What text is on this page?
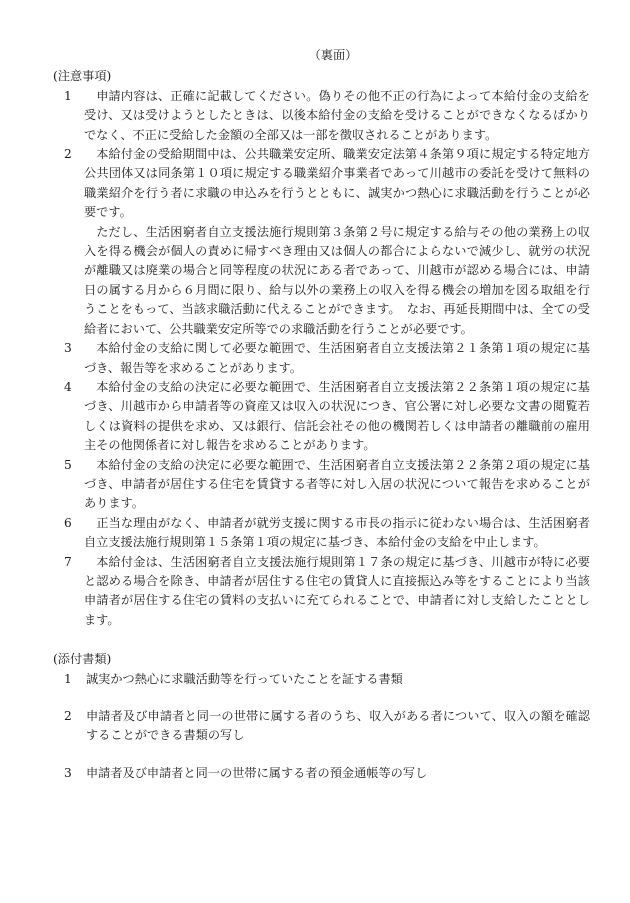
（裏面）
(注意事項)
1	申請内容は、正確に記載してください。偽りその他不正の行為によって本給付金の支給を受け、又は受けようとしたときは、以後本給付金の支給を受けることができなくなるばかりでなく、不正に受給した金額の全部又は一部を徴収されることがあります。
2	本給付金の受給期間中は、公共職業安定所、職業安定法第４条第９項に規定する特定地方公共団体又は同条第１０項に規定する職業紹介事業者であって川越市の委託を受けて無料の職業紹介を行う者に求職の申込みを行うとともに、誠実かつ熱心に求職活動を行うことが必要です。
ただし、生活困窮者自立支援法施行規則第３条第２号に規定する給与その他の業務上の収入を得る機会が個人の責めに帰すべき理由又は個人の都合によらないで減少し、就労の状況が離職又は廃業の場合と同等程度の状況にある者であって、川越市が認める場合には、申請日の属する月から６月間に限り、給与以外の業務上の収入を得る機会の増加を図る取組を行うことをもって、当該求職活動に代えることができます。　なお、再延長期間中は、全ての受給者において、公共職業安定所等での求職活動を行うことが必要です。
3	本給付金の支給に関して必要な範囲で、生活困窮者自立支援法第２１条第１項の規定に基づき、報告等を求めることがあります。
4	本給付金の支給の決定に必要な範囲で、生活困窮者自立支援法第２２条第１項の規定に基づき、川越市から申請者等の資産又は収入の状況につき、官公署に対し必要な文書の閲覧若しくは資料の提供を求め、又は銀行、信託会社その他の機関若しくは申請者の離職前の雇用主その他関係者に対し報告を求めることがあります。
5	本給付金の支給の決定に必要な範囲で、生活困窮者自立支援法第２２条第２項の規定に基づき、申請者が居住する住宅を賃貸する者等に対し入居の状況について報告を求めることがあります。
6	正当な理由がなく、申請者が就労支援に関する市長の指示に従わない場合は、生活困窮者自立支援法施行規則第１５条第１項の規定に基づき、本給付金の支給を中止します。
7	本給付金は、生活困窮者自立支援法施行規則第１７条の規定に基づき、川越市が特に必要と認める場合を除き、申請者が居住する住宅の賃貸人に直接振込み等をすることにより当該申請者が居住する住宅の賃料の支払いに充てられることで、申請者に対し支給したこととします。
(添付書類)
1	誠実かつ熱心に求職活動等を行っていたことを証する書類
2	申請者及び申請者と同一の世帯に属する者のうち、収入がある者について、収入の額を確認することができる書類の写し
3	申請者及び申請者と同一の世帯に属する者の預金通帳等の写し
